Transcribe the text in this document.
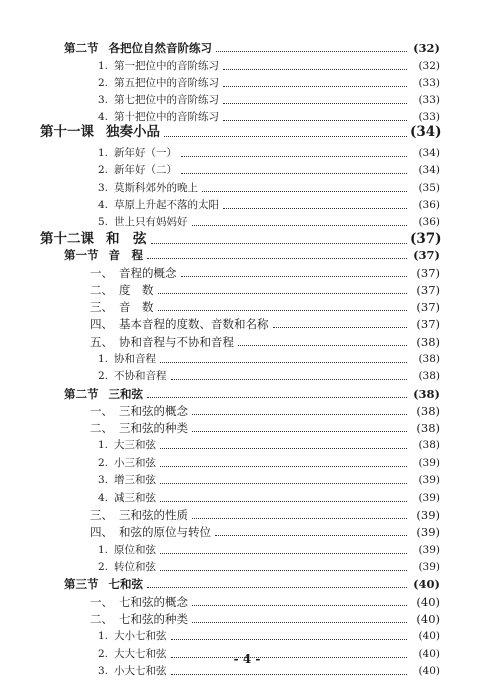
第二节 各把位自然音阶练习	(32)
1. 第一把位中的音阶练习	(32)
2. 第五把位中的音阶练习	(33)
3. 第七把位中的音阶练习	(33)
4. 第十把位中的音阶练习	(33)
第十一课 独奏小品	(34)
1. 新年好（一）	(34)
2. 新年好（二）	(34)
3. 莫斯科郊外的晚上	(35)
4. 草原上升起不落的太阳	(36)
5. 世上只有妈妈好	(36)
第十二课 和　弦	(37)
第一节 音　程	(37)
一、 音程的概念	(37)
二、 度　数	(37)
三、 音　数	(37)
四、 基本音程的度数、音数和名称	(37)
五、 协和音程与不协和音程	(38)
1. 协和音程	(38)
2. 不协和音程	(38)
第二节 三和弦	(38)
一、 三和弦的概念	(38)
二、 三和弦的种类	(38)
1. 大三和弦	(38)
2. 小三和弦	(39)
3. 增三和弦	(39)
4. 减三和弦	(39)
三、 三和弦的性质	(39)
四、 和弦的原位与转位	(39)
1. 原位和弦	(39)
2. 转位和弦	(39)
第三节 七和弦	(40)
一、 七和弦的概念	(40)
二、 七和弦的种类	(40)
1. 大小七和弦	(40)
2. 大大七和弦	(40)
3. 小大七和弦	(40)
- 4 -
